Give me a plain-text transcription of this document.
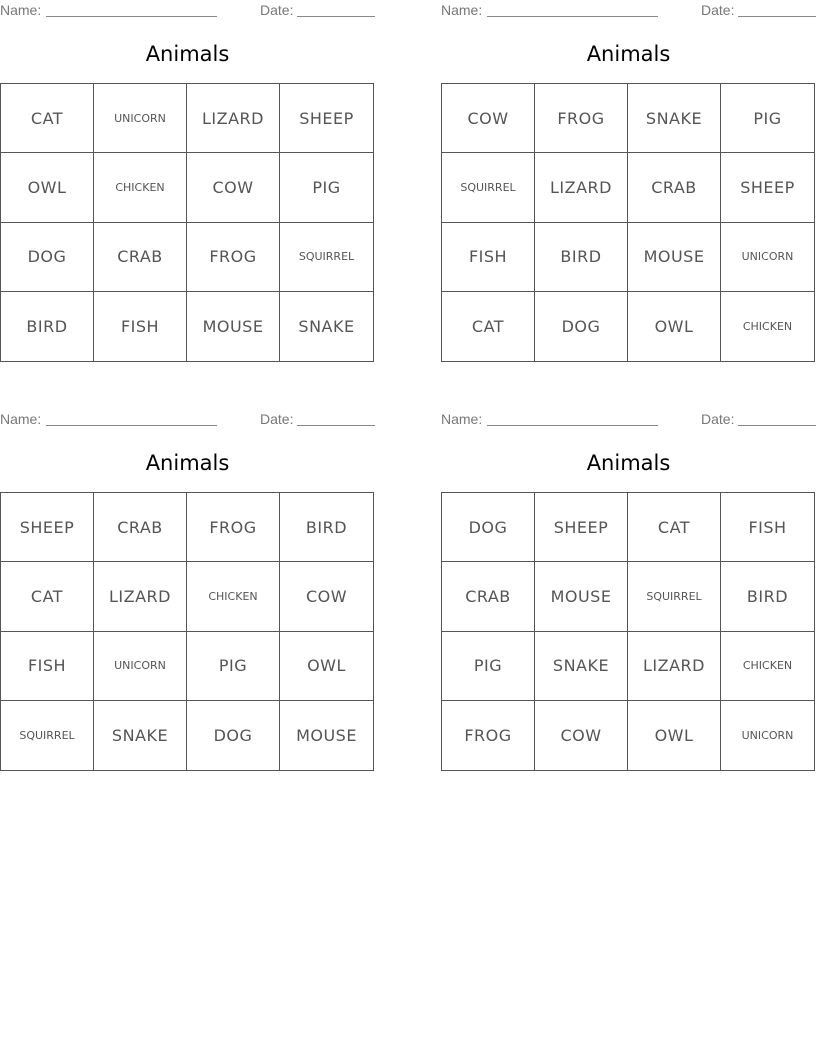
Name:	Date:
Animals
CAT	UNICORN	LIZARD	SHEEP
OWL	CHICKEN	COW	PIG
DOG	CRAB	FROG	SQUIRREL
BIRD	FISH	MOUSE	SNAKE
Name:	Date:
Animals
COW	FROG	SNAKE	PIG
SQUIRREL	LIZARD	CRAB	SHEEP
FISH	BIRD	MOUSE	UNICORN
CAT	DOG	OWL	CHICKEN
Name:	Date:
Animals
SHEEP	CRAB	FROG	BIRD
CAT	LIZARD	CHICKEN	COW
FISH	UNICORN	PIG	OWL
SQUIRREL	SNAKE	DOG	MOUSE
Name:	Date:
Animals
DOG	SHEEP	CAT	FISH
CRAB	MOUSE	SQUIRREL	BIRD
PIG	SNAKE	LIZARD	CHICKEN
FROG	COW	OWL	UNICORN
